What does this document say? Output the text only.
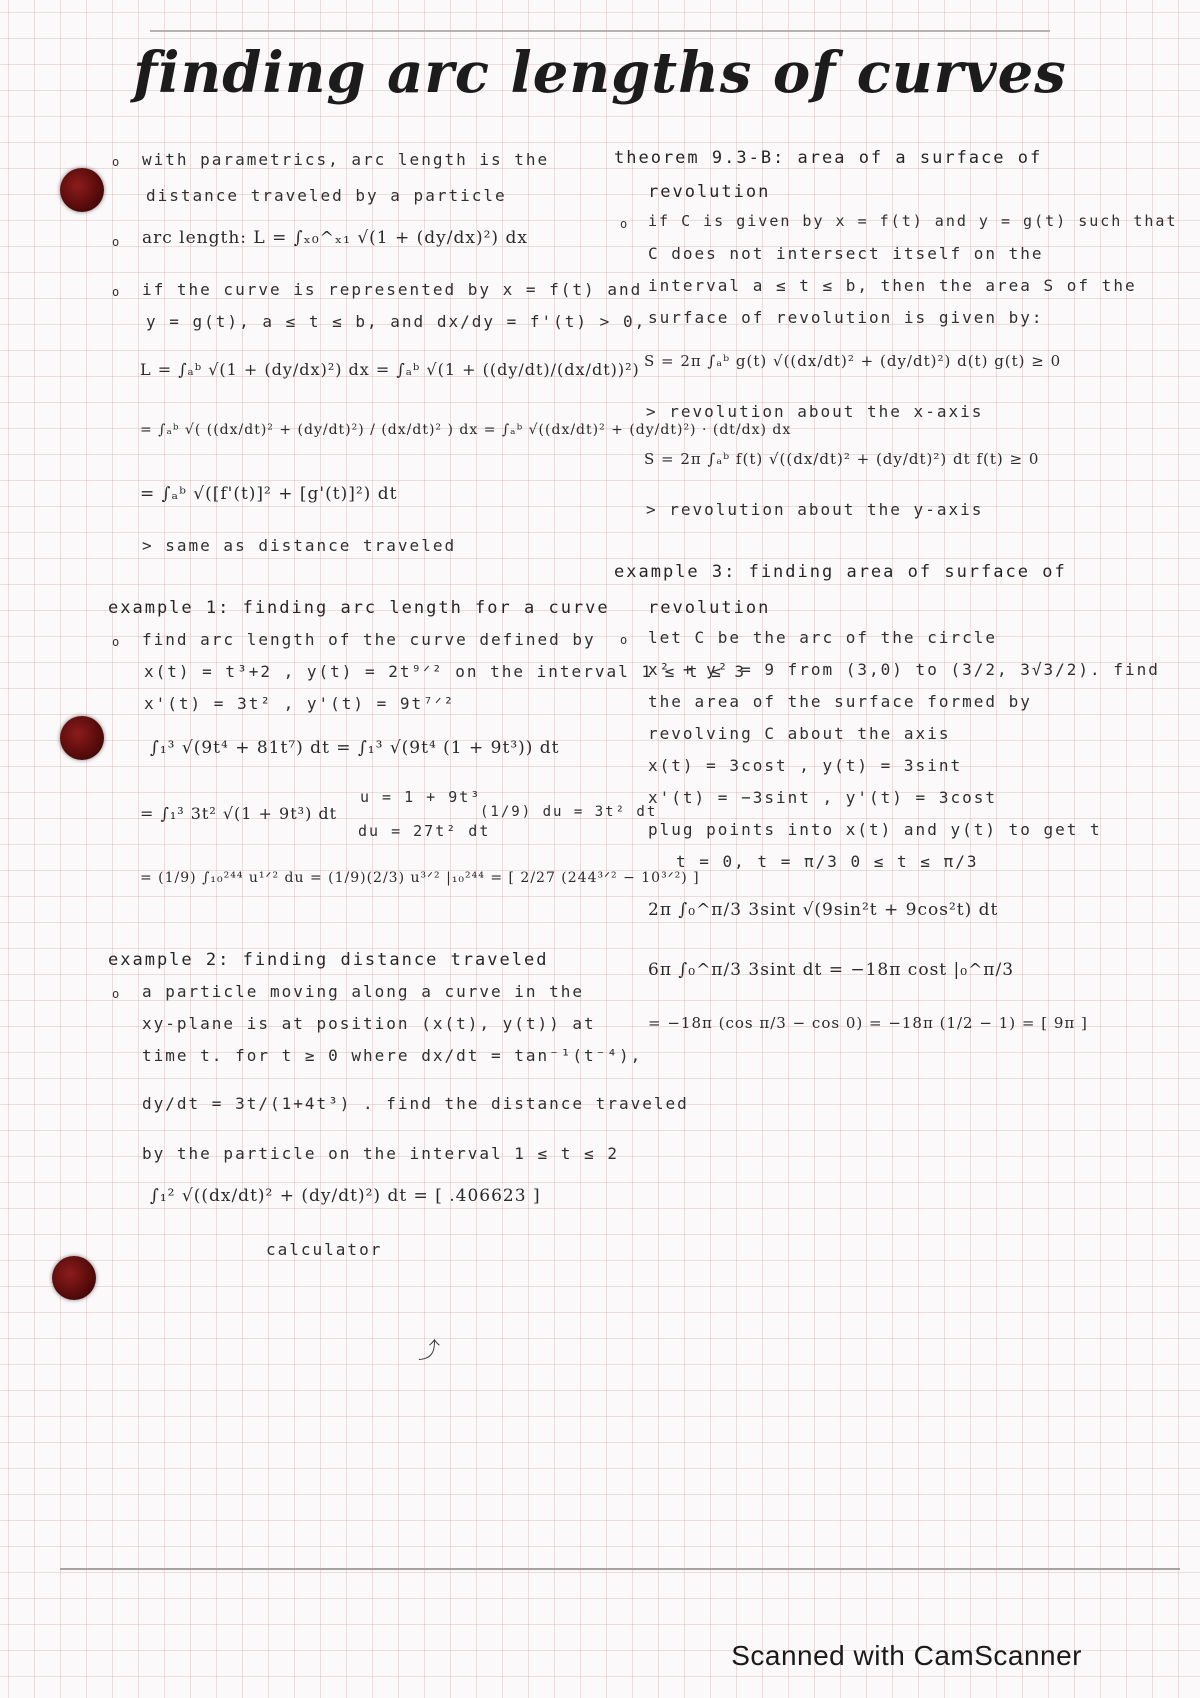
finding arc lengths of curves
o with parametrics, arc length is the
distance traveled by a particle
o arc length: L = ∫ₓ₀^ₓ₁ √(1 + (dy/dx)²) dx
o if the curve is represented by x = f(t) and
y = g(t), a ≤ t ≤ b, and dx/dy = f'(t) > 0,
L = ∫ₐᵇ √(1 + (dy/dx)²) dx = ∫ₐᵇ √(1 + ((dy/dt)/(dx/dt))²)
= ∫ₐᵇ √( ((dx/dt)² + (dy/dt)²) / (dx/dt)² ) dx = ∫ₐᵇ √((dx/dt)² + (dy/dt)²) · (dt/dx) dx
= ∫ₐᵇ √([f'(t)]² + [g'(t)]²) dt
> same as distance traveled
example 1: finding arc length for a curve
o find arc length of the curve defined by
x(t) = t³+2 , y(t) = 2t⁹ᐟ² on the interval 1 ≤ t ≤ 3
x'(t) = 3t² , y'(t) = 9t⁷ᐟ²
∫₁³ √(9t⁴ + 81t⁷) dt = ∫₁³ √(9t⁴ (1 + 9t³)) dt
= ∫₁³ 3t² √(1 + 9t³) dt
u = 1 + 9t³
(1/9) du = 3t² dt
du = 27t² dt
= (1/9) ∫₁₀²⁴⁴ u¹ᐟ² du = (1/9)(2/3) u³ᐟ² |₁₀²⁴⁴ = [ 2/27 (244³ᐟ² − 10³ᐟ²) ]
example 2: finding distance traveled
o a particle moving along a curve in the
xy-plane is at position (x(t), y(t)) at
time t. for t ≥ 0 where dx/dt = tan⁻¹(t⁻⁴),
dy/dt = 3t/(1+4t³) . find the distance traveled
by the particle on the interval 1 ≤ t ≤ 2
∫₁² √((dx/dt)² + (dy/dt)²) dt = [ .406623 ]
calculator
⤴
theorem 9.3-B: area of a surface of
revolution
o if C is given by x = f(t) and y = g(t) such that
C does not intersect itself on the
interval a ≤ t ≤ b, then the area S of the
surface of revolution is given by:
S = 2π ∫ₐᵇ g(t) √((dx/dt)² + (dy/dt)²) d(t) g(t) ≥ 0
> revolution about the x-axis
S = 2π ∫ₐᵇ f(t) √((dx/dt)² + (dy/dt)²) dt f(t) ≥ 0
> revolution about the y-axis
example 3: finding area of surface of
revolution
o let C be the arc of the circle
x² + y² = 9 from (3,0) to (3/2, 3√3/2). find
the area of the surface formed by
revolving C about the axis
x(t) = 3cost , y(t) = 3sint
x'(t) = −3sint , y'(t) = 3cost
plug points into x(t) and y(t) to get t
t = 0, t = π/3 0 ≤ t ≤ π/3
2π ∫₀^π/3 3sint √(9sin²t + 9cos²t) dt
6π ∫₀^π/3 3sint dt = −18π cost |₀^π/3
= −18π (cos π/3 − cos 0) = −18π (1/2 − 1) = [ 9π ]
Scanned with CamScanner
